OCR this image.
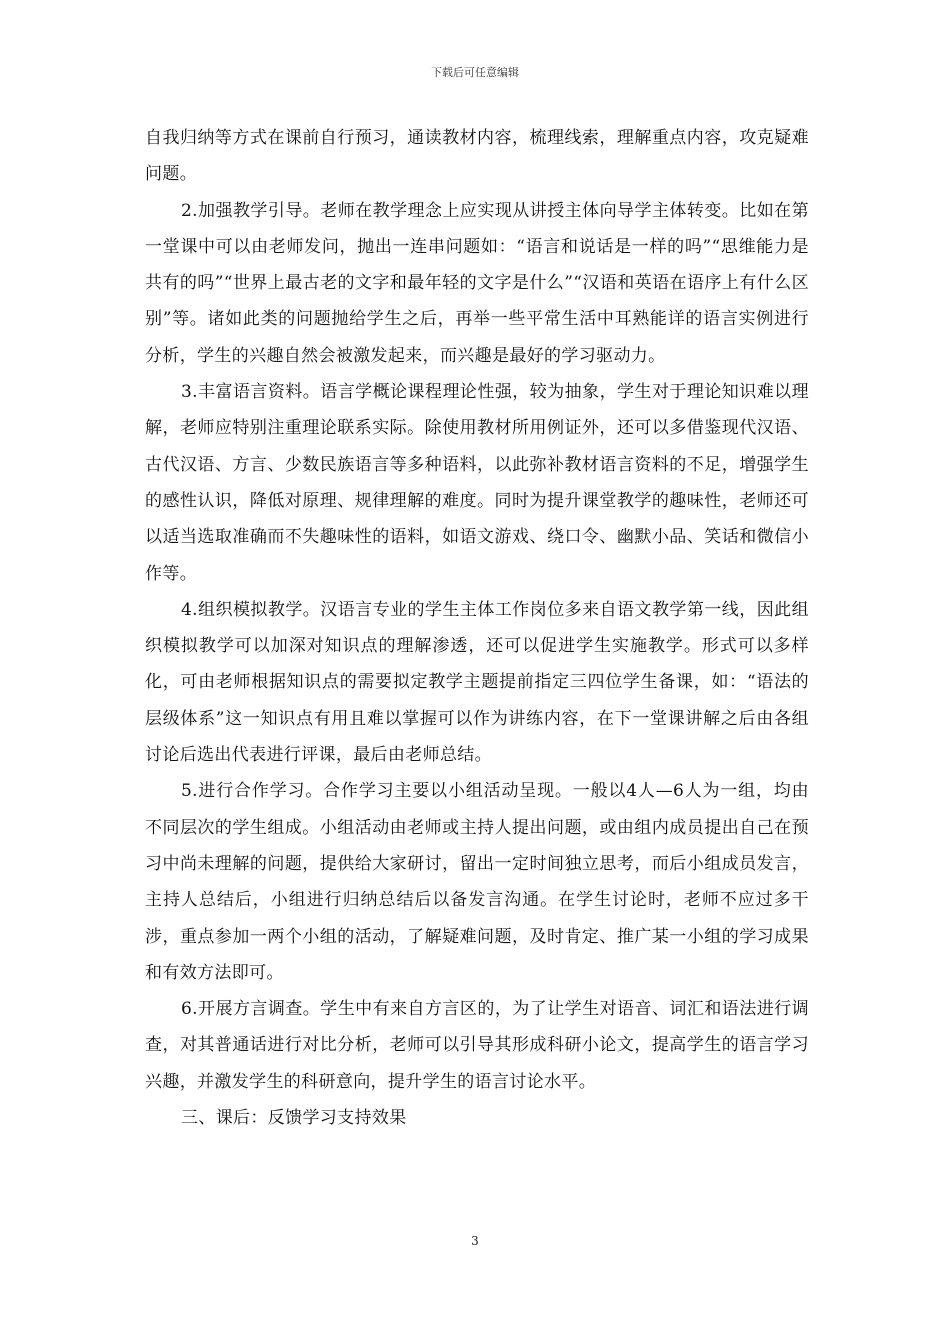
下载后可任意编辑

自我归纳等方式在课前自行预习，通读教材内容，梳理线索，理解重点内容，攻克疑难问题。

2.加强教学引导。老师在教学理念上应实现从讲授主体向导学主体转变。比如在第一堂课中可以由老师发问，抛出一连串问题如：“语言和说话是一样的吗”“思维能力是共有的吗”“世界上最古老的文字和最年轻的文字是什么”“汉语和英语在语序上有什么区别”等。诸如此类的问题抛给学生之后，再举一些平常生活中耳熟能详的语言实例进行分析，学生的兴趣自然会被激发起来，而兴趣是最好的学习驱动力。

3.丰富语言资料。语言学概论课程理论性强，较为抽象，学生对于理论知识难以理解，老师应特别注重理论联系实际。除使用教材所用例证外，还可以多借鉴现代汉语、古代汉语、方言、少数民族语言等多种语料，以此弥补教材语言资料的不足，增强学生的感性认识，降低对原理、规律理解的难度。同时为提升课堂教学的趣味性，老师还可以适当选取准确而不失趣味性的语料，如语文游戏、绕口令、幽默小品、笑话和微信小作等。

4.组织模拟教学。汉语言专业的学生主体工作岗位多来自语文教学第一线，因此组织模拟教学可以加深对知识点的理解渗透，还可以促进学生实施教学。形式可以多样化，可由老师根据知识点的需要拟定教学主题提前指定三四位学生备课，如：“语法的层级体系”这一知识点有用且难以掌握可以作为讲练内容，在下一堂课讲解之后由各组讨论后选出代表进行评课，最后由老师总结。

5.进行合作学习。合作学习主要以小组活动呈现。一般以4人—6人为一组，均由不同层次的学生组成。小组活动由老师或主持人提出问题，或由组内成员提出自己在预习中尚未理解的问题，提供给大家研讨，留出一定时间独立思考，而后小组成员发言，主持人总结后，小组进行归纳总结后以备发言沟通。在学生讨论时，老师不应过多干涉，重点参加一两个小组的活动，了解疑难问题，及时肯定、推广某一小组的学习成果和有效方法即可。

6.开展方言调查。学生中有来自方言区的，为了让学生对语音、词汇和语法进行调查，对其普通话进行对比分析，老师可以引导其形成科研小论文，提高学生的语言学习兴趣，并激发学生的科研意向，提升学生的语言讨论水平。

三、课后：反馈学习支持效果

3
